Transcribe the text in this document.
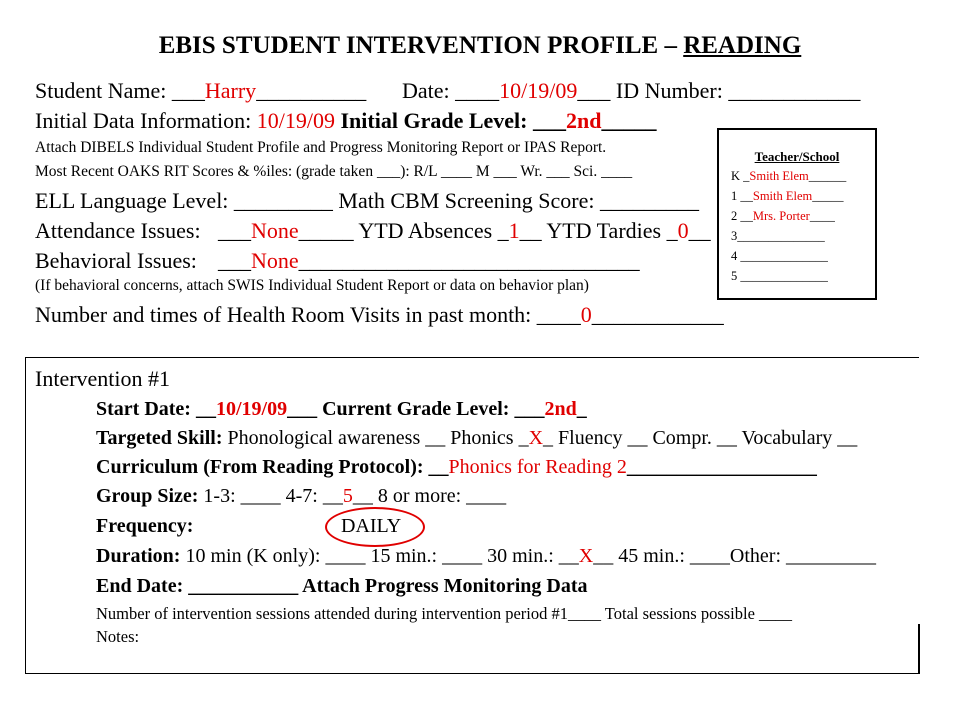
EBIS STUDENT INTERVENTION PROFILE – READING
Student Name: ___Harry__________ Date: ____10/19/09___ ID Number: ____________
Initial Data Information: 10/19/09 Initial Grade Level: ___2nd_____
Attach DIBELS Individual Student Profile and Progress Monitoring Report or IPAS Report.
Most Recent OAKS RIT Scores & %iles: (grade taken ___): R/L ____ M ___ Wr. ___ Sci. ____
ELL Language Level: _________ Math CBM Screening Score: _________
Attendance Issues: ___None_____ YTD Absences _1__ YTD Tardies _0__
Behavioral Issues: ___None_______________________________
(If behavioral concerns, attach SWIS Individual Student Report or data on behavior plan)
Number and times of Health Room Visits in past month: ____0____________
Teacher/School
K _Smith Elem______
1 __Smith Elem_____
2 __Mrs. Porter____
3______________
4 ______________
5 ______________
Intervention #1
Start Date: __10/19/09___ Current Grade Level: ___2nd_
Targeted Skill: Phonological awareness __ Phonics _X_ Fluency __ Compr. __ Vocabulary __
Curriculum (From Reading Protocol): __Phonics for Reading 2___________________
Group Size: 1-3: ____ 4-7: __5__ 8 or more: ____
Frequency:	DAILY
Duration: 10 min (K only): ____ 15 min.: ____ 30 min.: __X__ 45 min.: ____Other: _________
End Date: ___________ Attach Progress Monitoring Data
Number of intervention sessions attended during intervention period #1____ Total sessions possible ____
Notes:
